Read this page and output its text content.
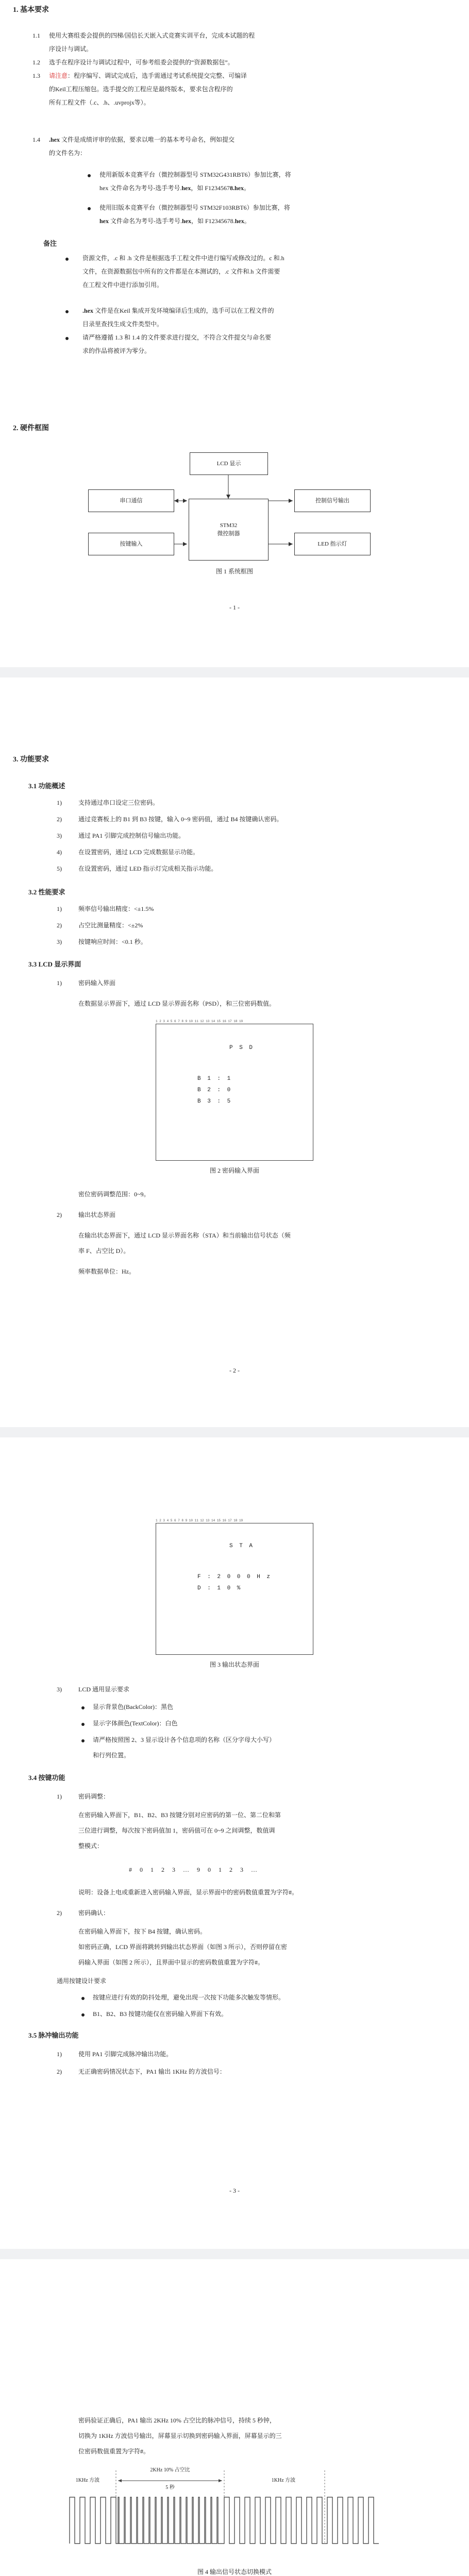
1. 基本要求
1.1 使用大赛组委会提供的四梯/国信长天嵌入式竞赛实训平台，完成本试题的程
序设计与调试。
1.2 选手在程序设计与调试过程中，可参考组委会提供的“资源数据包”。
1.3 请注意：程序编写、调试完成后，选手需通过考试系统提交完整、可编译
的Keil工程压缩包。选手提交的工程应是最终版本，要求包含程序的
所有工程文件（.c、.h、.uvprojx等）。
1.4 .hex 文件是成绩评审的依据，要求以唯一的基本考号命名，例如提交
的文件名为：
使用新版本竞赛平台（微控制器型号 STM32G431RBT6）参加比赛，将
hex 文件命名为考号-选手考号.hex，如 F12345678.hex。
使用旧版本竞赛平台（微控制器型号 STM32F103RBT6）参加比赛，将
hex 文件命名为考号-选手考号.hex，如 F12345678.hex。
备注
资源文件，.c 和 .h 文件是根据选手工程文件中进行编写或修改过的。c 和.h
文件，在资源数据包中所有的文件都是在本测试的，.c 文件和.h 文件需要
在工程文件中进行添加引用。
.hex 文件是在Keil 集成开发环境编译后生成的，选手可以在工程文件的
目录里查找生成文件类型中。
请严格遵循 1.3 和 1.4 的文件要求进行提交，不符合文件提交与命名要
求的作品将被评为零分。
2. 硬件框图
LCD 显示
STM32
微控制器
串口通信	控制信号输出
按键输入	LED 指示灯
图 1 系统框图
- 1 -
3. 功能要求
3.1 功能概述
1)	支持通过串口设定三位密码。
2)	通过竞赛板上的 B1 到 B3 按键，输入 0~9 密码值，通过 B4 按键确认密码。
3)	通过 PA1 引脚完成控制信号输出功能。
4)	在设置密码，通过 LCD 完成数据显示功能。
5)	在设置密码，通过 LED 指示灯完成相关指示功能。
3.2 性能要求
1)	频率信号输出精度：<±1.5%
2)	占空比测量精度：<±2%
3)	按键响应时间：<0.1 秒。
3.3 LCD 显示界面
1)	密码输入界面
在数据显示界面下，通过 LCD 显示界面名称（PSD），和三位密码数值。
1 2 3 4 5 6 7 8 9 10 11 12 13 14 15 16 17 18 19
P S D
B 1 : 1
B 2 : 0
B 3 : 5
图 2 密码输入界面
密位密码调整范围：0~9。
2)	输出状态界面
在输出状态界面下，通过 LCD 显示界面名称（STA）和当前输出信号状态（频
率 F、占空比 D）。
频率数据单位：Hz。
- 2 -
1 2 3 4 5 6 7 8 9 10 11 12 13 14 15 16 17 18 19
S T A
F : 2 0 0 0 H z
D : 1 0 %
图 3 输出状态界面
3)	LCD 通用显示要求
显示背景色(BackColor)：黑色
显示字体颜色(TextColor)：白色
请严格按照图 2、3 显示设计各个信息项的名称（区分字母大小写）
和行列位置。
3.4 按键功能
1)	密码调整：
在密码输入界面下，B1、B2、B3 按键分别对应密码的第一位、第二位和第
三位进行调整，每次按下密码值加 1，密码值可在 0~9 之间调整，数值调
整模式：
# 0 1 2 3 … 9 0 1 2 3 …
说明：设备上电或重新进入密码输入界面，显示界面中的密码数值重置为字符#。
2)	密码确认：
在密码输入界面下，按下 B4 按键，确认密码。
如密码正确，LCD 界面将跳转到输出状态界面（如图 3 所示），否则停留在密
码输入界面（如图 2 所示），且界面中显示的密码数值重置为字符#。
通用按键设计要求
按键应进行有效的防抖处理，避免出现一次按下功能多次触发等情形。
B1、B2、B3 按键功能仅在密码输入界面下有效。
3.5 脉冲输出功能
1)	使用 PA1 引脚完成脉冲输出功能。
2)	无正确密码情况状态下，PA1 输出 1KHz 的方波信号：
- 3 -
密码验证正确后，PA1 输出 2KHz 10% 占空比的脉冲信号，持续 5 秒钟，
切换为 1KHz 方波信号输出，屏幕显示切换到密码输入界面，屏幕显示的三
位密码数值重置为字符#。
1KHz 方波
2KHz 10% 占空比
5 秒
1KHz 方波
图 4 输出信号状态切换模式
